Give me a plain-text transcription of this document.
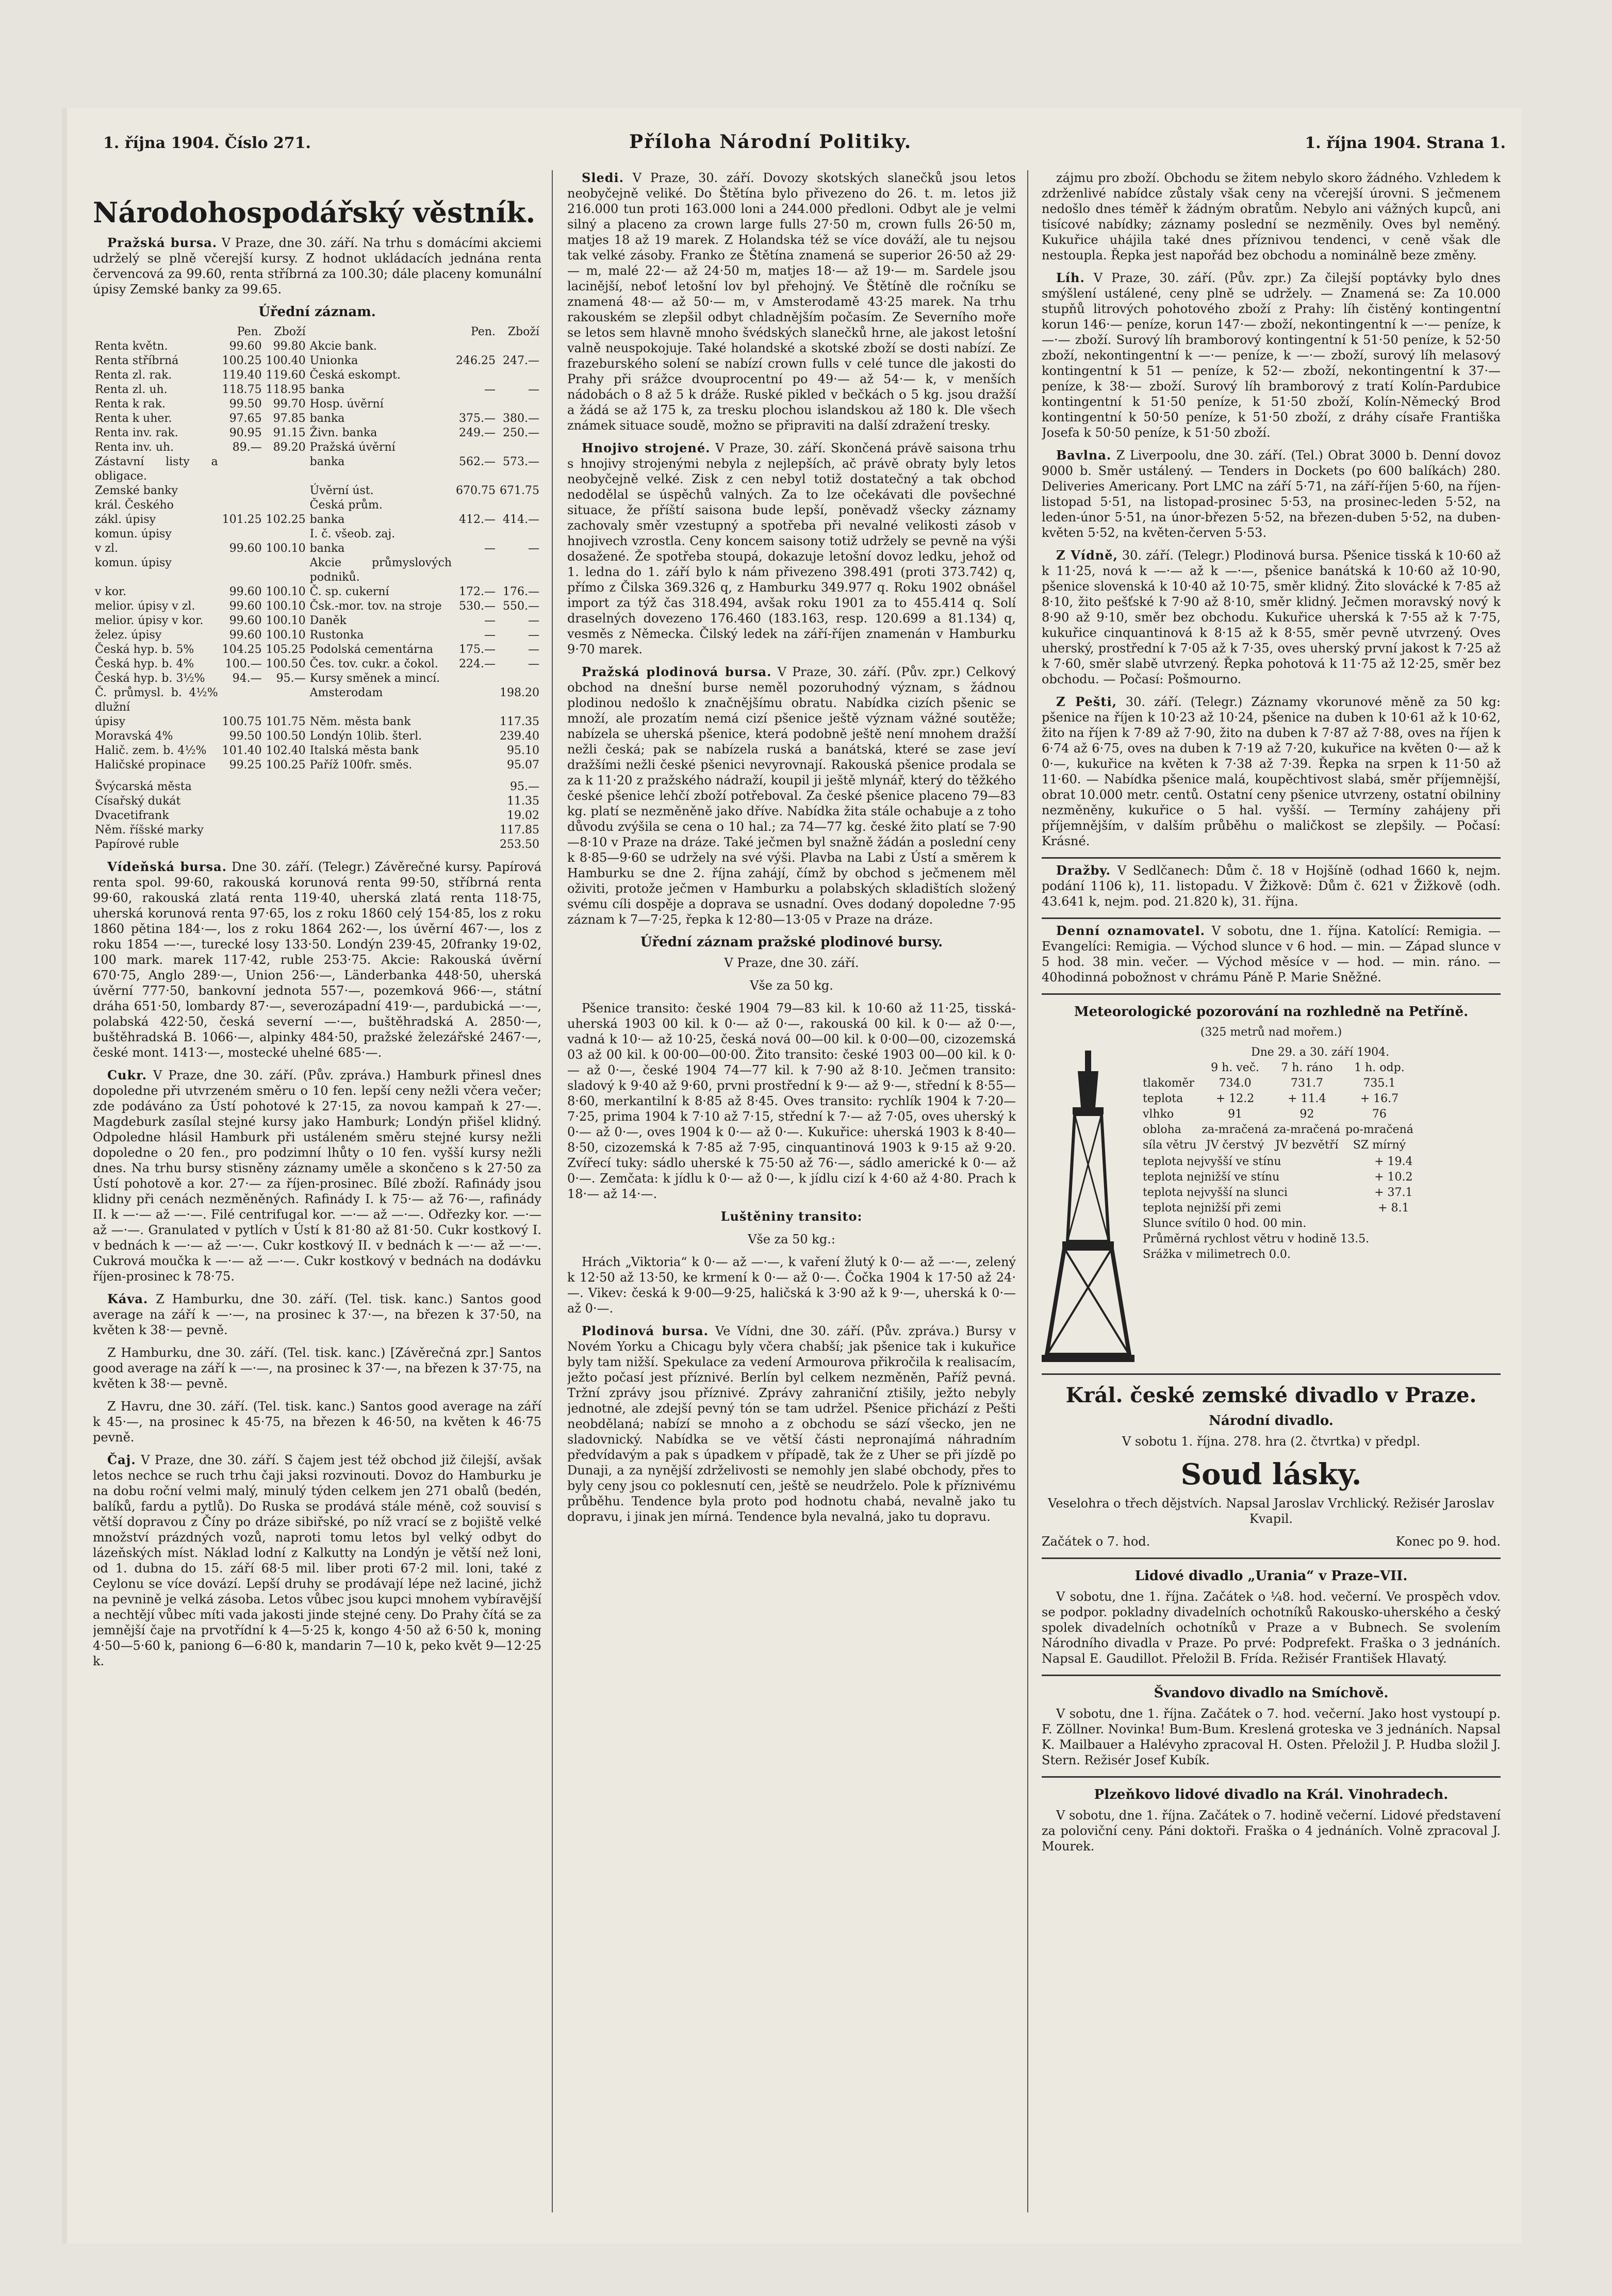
1. října 1904. Číslo 271.	Příloha Národní Politiky.	1. října 1904. Strana 1.
Národohospodářský věstník.

Pražská bursa. V Praze, dne 30. září. Na trhu s domácími akciemi udrželý se plně včerejší kursy. Z hodnot ukládacích jednána renta červencová za 99.60, renta stříbrná za 100.30; dále placeny komunální úpisy Zemské banky za 99.65.

Úřední záznam.
	Pen.	Zboží		Pen.	Zboží
Renta květn.	99.60	99.80	Akcie bank.		
Renta stříbrná	100.25	100.40	Unionka	246.25	247.—
Renta zl. rak.	119.40	119.60	Česká eskompt.		
Renta zl. uh.	118.75	118.95	banka	—	—
Renta k rak.	99.50	99.70	Hosp. úvěrní		
Renta k uher.	97.65	97.85	banka	375.—	380.—
Renta inv. rak.	90.95	91.15	Živn. banka	249.—	250.—
Renta inv. uh.	89.—	89.20	Pražská úvěrní		
Zástavní listy a obligace.			banka	562.—	573.—
Zemské banky			Úvěrní úst.	670.75	671.75
král. Českého			Česká prům.		
zákl. úpisy	101.25	102.25	banka	412.—	414.—
komun. úpisy			I. č. všeob. zaj.		
v zl.	99.60	100.10	banka	—	—
komun. úpisy			Akcie průmyslových podniků.		
v kor.	99.60	100.10	Č. sp. cukerní	172.—	176.—
melior. úpisy v zl.	99.60	100.10	Čsk.-mor. tov. na stroje	530.—	550.—
melior. úpisy v kor.	99.60	100.10	Daněk	—	—
želez. úpisy	99.60	100.10	Rustonka	—	—
Česká hyp. b. 5%	104.25	105.25	Podolská cementárna	175.—	—
Česká hyp. b. 4%	100.—	100.50	Čes. tov. cukr. a čokol.	224.—	—
Česká hyp. b. 3½%	94.—	95.—	Kursy směnek a mincí.		
Č. průmysl. b. 4½% dlužní			Amsterodam		198.20
úpisy	100.75	101.75	Něm. města bank		117.35
Moravská 4%	99.50	100.50	Londýn 10lib. šterl.		239.40
Halič. zem. b. 4½%	101.40	102.40	Italská města bank		95.10
Haličské propinace	99.25	100.25	Paříž 100fr. směs.		95.07
Švýcarská města	95.—
Císařský dukát	11.35
Dvacetifrank	19.02
Něm. říšské marky	117.85
Papírové ruble	253.50

Vídeňská bursa. Dne 30. září. (Telegr.) Závěrečné kursy. Papírová renta spol. 99·60, rakouská korunová renta 99·50, stříbrná renta 99·60, rakouská zlatá renta 119·40, uherská zlatá renta 118·75, uherská korunová renta 97·65, los z roku 1860 celý 154·85, los z roku 1860 pětina 184·—, los z roku 1864 262·—, los úvěrní 467·—, los z roku 1854 —·—, turecké losy 133·50. Londýn 239·45, 20franky 19·02, 100 mark. marek 117·42, ruble 253·75. Akcie: Rakouská úvěrní 670·75, Anglo 289·—, Union 256·—, Länderbanka 448·50, uherská úvěrní 777·50, bankovní jednota 557·—, pozemková 966·—, státní dráha 651·50, lombardy 87·—, severozápadní 419·—, pardubická —·—, polabská 422·50, česká severní —·—, buštěhradská A. 2850·—, buštěhradská B. 1066·—, alpinky 484·50, pražské železářské 2467·—, české mont. 1413·—, mostecké uhelné 685·—.

Cukr. V Praze, dne 30. září. (Pův. zpráva.) Hamburk přinesl dnes dopoledne při utvrzeném směru o 10 fen. lepší ceny nežli včera večer; zde podáváno za Ústí pohotové k 27·15, za novou kampaň k 27·—. Magdeburk zasílal stejné kursy jako Hamburk; Londýn přišel klidný. Odpoledne hlásil Hamburk při ustáleném směru stejné kursy nežli dopoledne o 20 fen., pro podzimní lhůty o 10 fen. vyšší kursy nežli dnes. Na trhu bursy stisněny záznamy uměle a skončeno s k 27·50 za Ústí pohotově a kor. 27·— za říjen-prosinec. Bílé zboží. Rafinády jsou klidny při cenách nezměněných. Rafinády I. k 75·— až 76·—, rafinády II. k —·— až —·—. Filé centrifugal kor. —·— až —·—. Odřezky kor. —·— až —·—. Granulated v pytlích v Ústí k 81·80 až 81·50. Cukr kostkový I. v bednách k —·— až —·—. Cukr kostkový II. v bednách k —·— až —·—. Cukrová moučka k —·— až —·—. Cukr kostkový v bednách na dodávku říjen-prosinec k 78·75.

Káva. Z Hamburku, dne 30. září. (Tel. tisk. kanc.) Santos good average na září k —·—, na prosinec k 37·—, na březen k 37·50, na květen k 38·— pevně.

Z Hamburku, dne 30. září. (Tel. tisk. kanc.) [Závěrečná zpr.] Santos good average na září k —·—, na prosinec k 37·—, na březen k 37·75, na květen k 38·— pevně.

Z Havru, dne 30. září. (Tel. tisk. kanc.) Santos good average na září k 45·—, na prosinec k 45·75, na březen k 46·50, na květen k 46·75 pevně.

Čaj. V Praze, dne 30. září. S čajem jest též obchod již čilejší, avšak letos nechce se ruch trhu čaji jaksi rozvinouti. Dovoz do Hamburku je na dobu roční velmi malý, minulý týden celkem jen 271 obalů (bedén, balíků, fardu a pytlů). Do Ruska se prodává stále méně, což souvisí s větší dopravou z Číny po dráze sibiřské, po níž vrací se z bojiště velké množství prázdných vozů, naproti tomu letos byl velký odbyt do lázeňských míst. Náklad lodní z Kalkutty na Londýn je větší než loni, od 1. dubna do 15. září 68·5 mil. liber proti 67·2 mil. loni, také z Ceylonu se více dovází. Lepší druhy se prodávají lépe než laciné, jichž na pevnině je velká zásoba. Letos vůbec jsou kupci mnohem vybíravější a nechtějí vůbec míti vada jakosti jinde stejné ceny. Do Prahy čítá se za jemnější čaje na prvotřídní k 4—5·25 k, kongo 4·50 až 6·50 k, moning 4·50—5·60 k, paniong 6—6·80 k, mandarin 7—10 k, peko květ 9—12·25 k.

Sledi. V Praze, 30. září. Dovozy skotských slanečků jsou letos neobyčejně veliké. Do Štětína bylo přivezeno do 26. t. m. letos již 216.000 tun proti 163.000 loni a 244.000 předloni. Odbyt ale je velmi silný a placeno za crown large fulls 27·50 m, crown fulls 26·50 m, matjes 18 až 19 marek. Z Holandska též se více dováží, ale tu nejsou tak velké zásoby. Franko ze Štětína znamená se superior 26·50 až 29·— m, malé 22·— až 24·50 m, matjes 18·— až 19·— m. Sardele jsou lacinější, neboť letošní lov byl přehojný. Ve Štětíně dle ročníku se znamená 48·— až 50·— m, v Amsterodamě 43·25 marek. Na trhu rakouském se zlepšil odbyt chladnějším počasím. Ze Severního moře se letos sem hlavně mnoho švédských slanečků hrne, ale jakost letošní valně neuspokojuje. Také holandské a skotské zboží se dosti nabízí. Ze frazeburského solení se nabízí crown fulls v celé tunce dle jakosti do Prahy při srážce dvouprocentní po 49·— až 54·— k, v menších nádobách o 8 až 5 k dráže. Ruské pikled v bečkách o 5 kg. jsou dražší a žádá se až 175 k, za tresku plochou islandskou až 180 k. Dle všech známek situace soudě, možno se připraviti na další zdražení tresky.

Hnojivo strojené. V Praze, 30. září. Skončená právě saisona trhu s hnojivy strojenými nebyla z nejlepších, ač právě obraty byly letos neobyčejně velké. Zisk z cen nebyl totiž dostatečný a tak obchod nedodělal se úspěchů valných. Za to lze očekávati dle povšechné situace, že příští saisona bude lepší, poněvadž všecky záznamy zachovaly směr vzestupný a spotřeba při nevalné velikosti zásob v hnojivech vzrostla. Ceny koncem saisony totiž udržely se pevně na výši dosažené. Že spotřeba stoupá, dokazuje letošní dovoz ledku, jehož od 1. ledna do 1. září bylo k nám přivezeno 398.491 (proti 373.742) q, přímo z Čilska 369.326 q, z Hamburku 349.977 q. Roku 1902 obnášel import za týž čas 318.494, avšak roku 1901 za to 455.414 q. Solí draselných dovezeno 176.460 (183.163, resp. 120.699 a 81.134) q, vesměs z Německa. Čilský ledek na září-říjen znamenán v Hamburku 9·70 marek.

Pražská plodinová bursa. V Praze, 30. září. (Pův. zpr.) Celkový obchod na dnešní burse neměl pozoruhodný význam, s žádnou plodinou nedošlo k značnějšímu obratu. Nabídka cizích pšenic se množí, ale prozatím nemá cizí pšenice ještě význam vážné soutěže; nabízela se uherská pšenice, která podobně ještě není mnohem dražší nežli česká; pak se nabízela ruská a banátská, které se zase jeví dražšími nežli české pšenici nevyrovnají. Rakouská pšenice prodala se za k 11·20 z pražského nádraží, koupil ji ještě mlynář, který do těžkého české pšenice lehčí zboží potřeboval. Za české pšenice placeno 79—83 kg. platí se nezměněně jako dříve. Nabídka žita stále ochabuje a z toho důvodu zvýšila se cena o 10 hal.; za 74—77 kg. české žito platí se 7·90—8·10 v Praze na dráze. Také ječmen byl snažně žádán a poslední ceny k 8·85—9·60 se udržely na své výši. Plavba na Labi z Ústí a směrem k Hamburku se dne 2. října zahájí, čímž by obchod s ječmenem měl oživiti, protože ječmen v Hamburku a polabských skladištích složený svému cíli dospěje a doprava se usnadní. Oves dodaný dopoledne 7·95 záznam k 7—7·25, řepka k 12·80—13·05 v Praze na dráze.

Úřední záznam pražské plodinové bursy.

V Praze, dne 30. září.

Vše za 50 kg.

Pšenice transito: české 1904 79—83 kil. k 10·60 až 11·25, tisská-uherská 1903 00 kil. k 0·— až 0·—, rakouská 00 kil. k 0·— až 0·—, vadná k 10·— až 10·25, česká nová 00—00 kil. k 0·00—00, cizozemská 03 až 00 kil. k 00·00—00·00. Žito transito: české 1903 00—00 kil. k 0·— až 0·—, české 1904 74—77 kil. k 7·90 až 8·10. Ječmen transito: sladový k 9·40 až 9·60, prvni prostřední k 9·— až 9·—, střední k 8·55—8·60, merkantilní k 8·85 až 8·45. Oves transito: rychlík 1904 k 7·20—7·25, prima 1904 k 7·10 až 7·15, střední k 7·— až 7·05, oves uherský k 0·— až 0·—, oves 1904 k 0·— až 0·—. Kukuřice: uherská 1903 k 8·40—8·50, cizozemská k 7·85 až 7·95, cinquantinová 1903 k 9·15 až 9·20. Zvířecí tuky: sádlo uherské k 75·50 až 76·—, sádlo americké k 0·— až 0·—. Zemčata: k jídlu k 0·— až 0·—, k jídlu cizí k 4·60 až 4·80. Prach k 18·— až 14·—.

Luštěniny transito:

Vše za 50 kg.:

Hrách „Viktoria“ k 0·— až —·—, k vaření žlutý k 0·— až —·—, zelený k 12·50 až 13·50, ke krmení k 0·— až 0·—. Čočka 1904 k 17·50 až 24·—. Vikev: česká k 9·00—9·25, haličská k 3·90 až k 9·—, uherská k 0·— až 0·—.

Plodinová bursa. Ve Vídni, dne 30. září. (Pův. zpráva.) Bursy v Novém Yorku a Chicagu byly včera chabší; jak pšenice tak i kukuřice byly tam nižší. Spekulace za vedení Armourova přikročila k realisacím, ježto počasí jest příznivé. Berlín byl celkem nezměněn, Paříž pevná. Tržní zprávy jsou příznivé. Zprávy zahraniční ztišily, ježto nebyly jednotné, ale zdejší pevný tón se tam udržel. Pšenice přichází z Pešti neobdělaná; nabízí se mnoho a z obchodu se sází všecko, jen ne sladovnický. Nabídka se ve větší části nepronajímá náhradním předvídavým a pak s úpadkem v případě, tak že z Uher se při jízdě po Dunaji, a za nynější zdrželivosti se nemohly jen slabé obchody, přes to byly ceny jsou co poklesnutí cen, ještě se neudrželo. Pole k příznivému průběhu. Tendence byla proto pod hodnotu chabá, nevalně jako tu dopravu, i jinak jen mírná. Tendence byla nevalná, jako tu dopravu.

zájmu pro zboží. Obchodu se žitem nebylo skoro žádného. Vzhledem k zdrženlivé nabídce zůstaly však ceny na včerejší úrovni. S ječmenem nedošlo dnes téměř k žádným obratům. Nebylo ani vážných kupců, ani tisícové nabídky; záznamy poslední se nezměnily. Oves byl neměný. Kukuřice uhájila také dnes příznivou tendenci, v ceně však dle nestoupla. Řepka jest napořád bez obchodu a nominálně beze změny.

Líh. V Praze, 30. září. (Pův. zpr.) Za čilejší poptávky bylo dnes smýšlení ustálené, ceny plně se udržely. — Znamená se: Za 10.000 stupňů litrových pohotového zboží z Prahy: líh čistěný kontingentní korun 146·— peníze, korun 147·— zboží, nekontingentní k —·— peníze, k —·— zboží. Surový líh bramborový kontingentní k 51·50 peníze, k 52·50 zboží, nekontingentní k —·— peníze, k —·— zboží, surový líh melasový kontingentní k 51 — peníze, k 52·— zboží, nekontingentní k 37·— peníze, k 38·— zboží. Surový líh bramborový z tratí Kolín-Pardubice kontingentní k 51·50 peníze, k 51·50 zboží, Kolín-Německý Brod kontingentní k 50·50 peníze, k 51·50 zboží, z dráhy císaře Františka Josefa k 50·50 peníze, k 51·50 zboží.

Bavlna. Z Liverpoolu, dne 30. září. (Tel.) Obrat 3000 b. Denní dovoz 9000 b. Směr ustálený. — Tenders in Dockets (po 600 balíkách) 280. Deliveries Americany. Port LMC na září 5·71, na září-říjen 5·60, na říjen-listopad 5·51, na listopad-prosinec 5·53, na prosinec-leden 5·52, na leden-únor 5·51, na únor-březen 5·52, na březen-duben 5·52, na duben-květen 5·52, na květen-červen 5·53.

Z Vídně, 30. září. (Telegr.) Plodinová bursa. Pšenice tisská k 10·60 až k 11·25, nová k —·— až k —·—, pšenice banátská k 10·60 až 10·90, pšenice slovenská k 10·40 až 10·75, směr klidný. Žito slovácké k 7·85 až 8·10, žito pešťské k 7·90 až 8·10, směr klidný. Ječmen moravský nový k 8·90 až 9·10, směr bez obchodu. Kukuřice uherská k 7·55 až k 7·75, kukuřice cinquantinová k 8·15 až k 8·55, směr pevně utvrzený. Oves uherský, prostřední k 7·05 až k 7·35, oves uherský první jakost k 7·25 až k 7·60, směr slabě utvrzený. Řepka pohotová k 11·75 až 12·25, směr bez obchodu. — Počasí: Pošmourno.

Z Pešti, 30. září. (Telegr.) Záznamy vkorunové měně za 50 kg: pšenice na říjen k 10·23 až 10·24, pšenice na duben k 10·61 až k 10·62, žito na říjen k 7·89 až 7·90, žito na duben k 7·87 až 7·88, oves na říjen k 6·74 až 6·75, oves na duben k 7·19 až 7·20, kukuřice na květen 0·— až k 0·—, kukuřice na květen k 7·38 až 7·39. Řepka na srpen k 11·50 až 11·60. — Nabídka pšenice malá, koupěchtivost slabá, směr příjemnější, obrat 10.000 metr. centů. Ostatní ceny pšenice utvrzeny, ostatní obilniny nezměněny, kukuřice o 5 hal. vyšší. — Termíny zahájeny při příjemnějším, v dalším průběhu o maličkost se zlepšily. — Počasí: Krásné.

Dražby. V Sedlčanech: Dům č. 18 v Hojšíně (odhad 1660 k, nejm. podání 1106 k), 11. listopadu. V Žižkově: Dům č. 621 v Žižkově (odh. 43.641 k, nejm. pod. 21.820 k), 31. října.

Denní oznamovatel. V sobotu, dne 1. října. Katolící: Remigia. — Evangelíci: Remigia. — Východ slunce v 6 hod. — min. — Západ slunce v 5 hod. 38 min. večer. — Východ měsíce v — hod. — min. ráno. — 40hodinná pobožnost v chrámu Páně P. Marie Sněžné.

Meteorologické pozorování na rozhledně na Petříně.
(325 metrů nad mořem.)
Dne 29. a 30. září 1904.
	9 h. več.	7 h. ráno	1 h. odp.
tlakoměr	734.0	731.7	735.1
teplota	+ 12.2	+ 11.4	+ 16.7
vlhko	91	92	76
obloha	za-mračená	za-mračená	po-mračená
síla větru	JV čerstvý	JV bezvětří	SZ mírný
teplota nejvyšší ve stínu	+ 19.4
teplota nejnižší ve stínu	+ 10.2
teplota nejvyšší na slunci	+ 37.1
teplota nejnižší při zemi	+ 8.1
Slunce svítilo 0 hod. 00 min.	
Průměrná rychlost větru v hodině 13.5.	
Srážka v milimetrech 0.0.	
Král. české zemské divadlo v Praze.
Národní divadlo.

V sobotu 1. října. 278. hra (2. čtvrtka) v předpl.

Soud lásky.

Veselohra o třech dějstvích. Napsal Jaroslav Vrchlický. Režisér Jaroslav Kvapil.

Začátek o 7. hod.	Konec po 9. hod.
Lidové divadlo „Urania“ v Praze–VII.

V sobotu, dne 1. října. Začátek o ¼8. hod. večerní. Ve prospěch vdov. se podpor. pokladny divadelních ochotníků Rakousko-uherského a český spolek divadelních ochotníků v Praze a v Bubnech. Se svolením Národního divadla v Praze. Po prvé: Podprefekt. Fraška o 3 jednáních. Napsal E. Gaudillot. Přeložil B. Frída. Režisér František Hlavatý.

Švandovo divadlo na Smíchově.

V sobotu, dne 1. října. Začátek o 7. hod. večerní. Jako host vystoupí p. F. Zöllner. Novinka! Bum-Bum. Kreslená groteska ve 3 jednáních. Napsal K. Mailbauer a Halévyho zpracoval H. Osten. Přeložil J. P. Hudba složil J. Stern. Režisér Josef Kubík.

Plzeňkovo lidové divadlo na Král. Vinohradech.

V sobotu, dne 1. října. Začátek o 7. hodině večerní. Lidové představení za poloviční ceny. Páni doktoři. Fraška o 4 jednáních. Volně zpracoval J. Mourek.
